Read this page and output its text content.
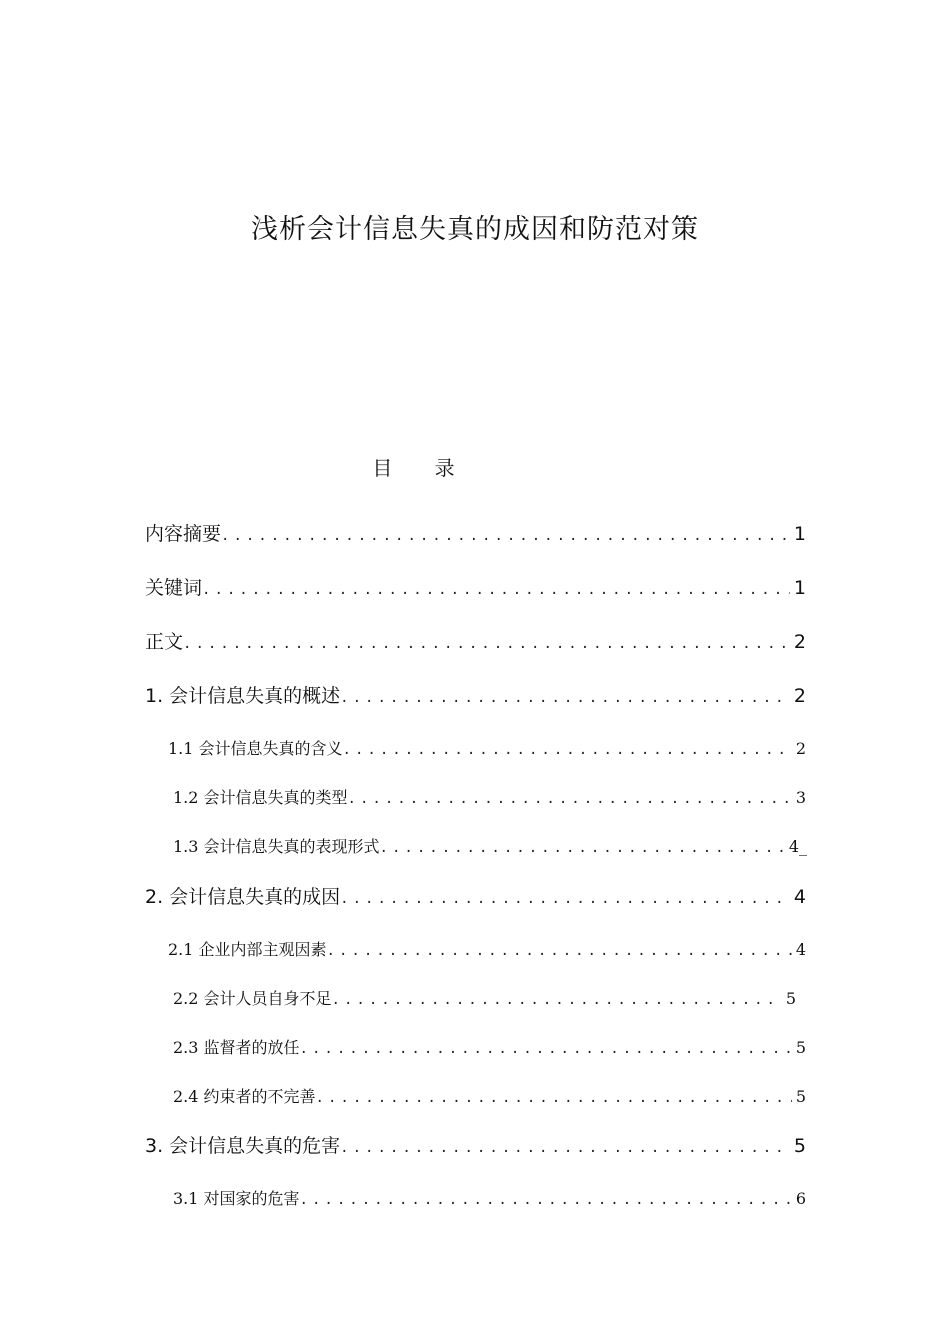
浅析会计信息失真的成因和防范对策
目 录
内容摘要 .....	1
关键词 .....	1
正文 .....	2
1. 会计信息失真的概述 .....	2
1.1 会计信息失真的含义 .....	2
1.2 会计信息失真的类型 .....	3
1.3 会计信息失真的表现形式 .....	4_
2. 会计信息失真的成因 .....	4
2.1 企业内部主观因素 .....	4
2.2 会计人员自身不足 .....	5
2.3 监督者的放任 .....	5
2.4 约束者的不完善 .....	5
3. 会计信息失真的危害 .....	5
3.1 对国家的危害 .....	6
